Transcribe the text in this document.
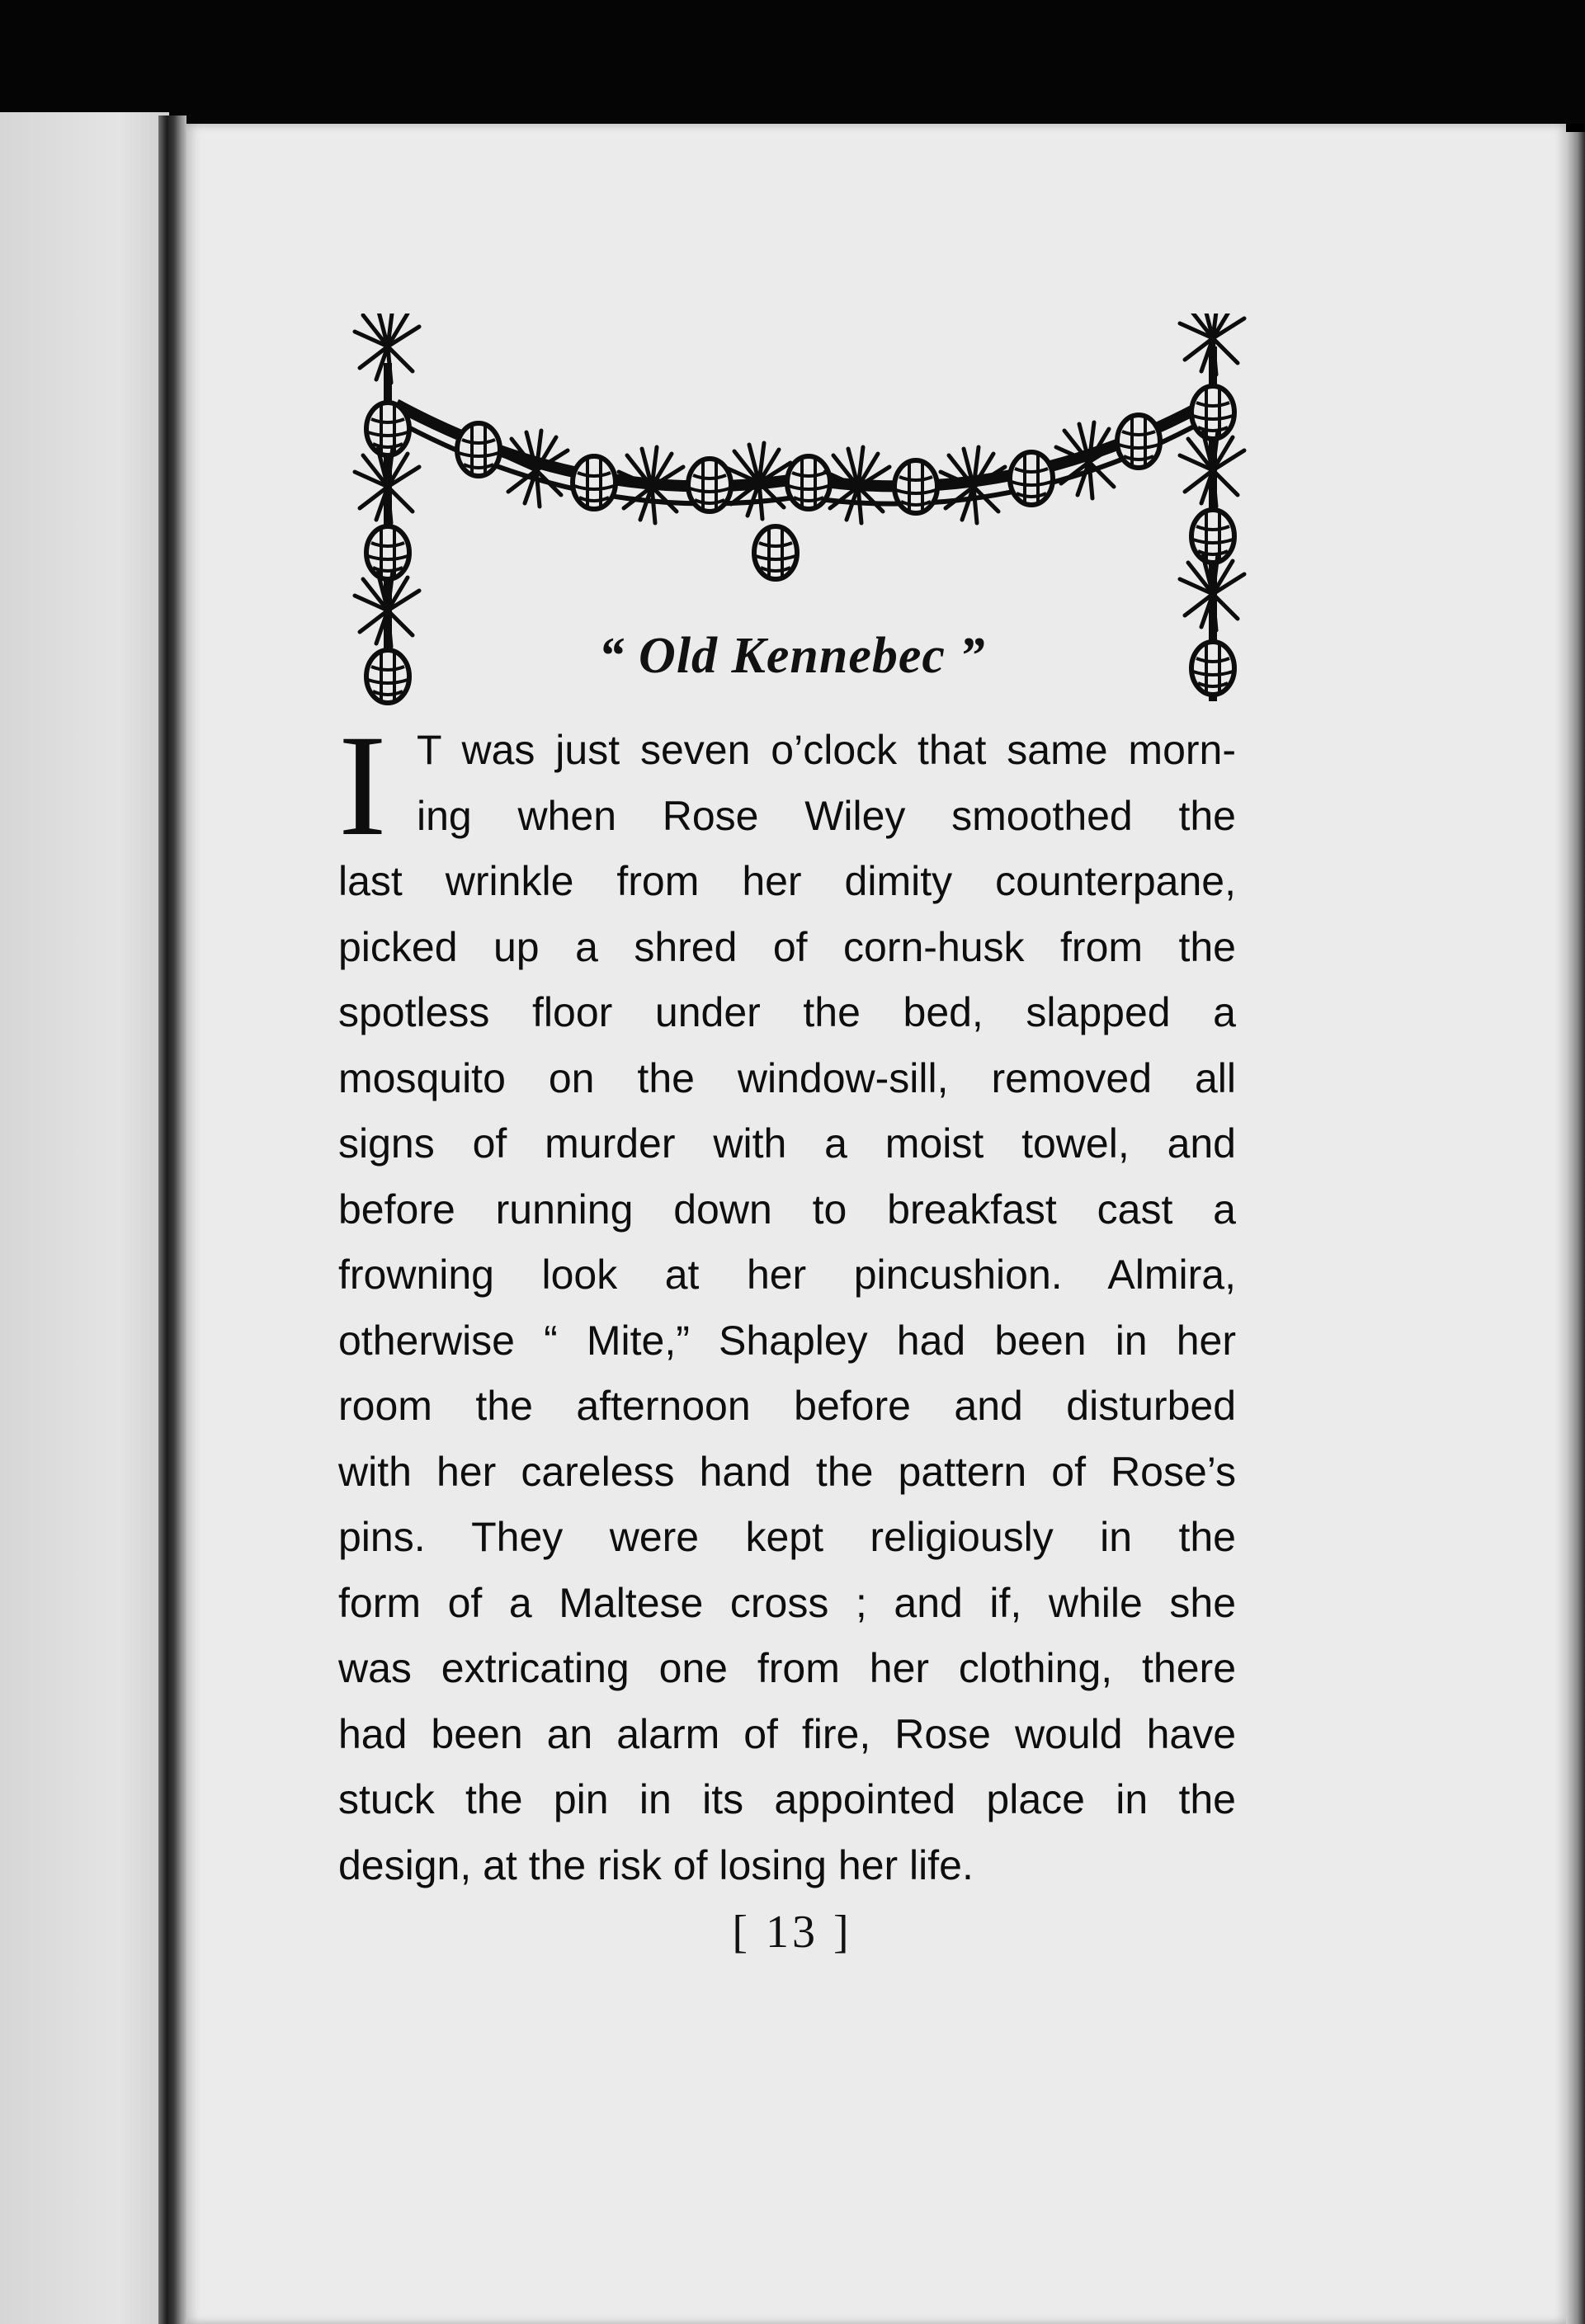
“ Old Kennebec ”
I T was just seven o’clock that same morn-
ing when Rose Wiley smoothed the
last wrinkle from her dimity counterpane,
picked up a shred of corn-husk from the
spotless floor under the bed, slapped a
mosquito on the window-sill, removed all
signs of murder with a moist towel, and
before running down to breakfast cast a
frowning look at her pincushion. Almira,
otherwise “ Mite,” Shapley had been in her
room the afternoon before and disturbed
with her careless hand the pattern of Rose’s
pins. They were kept religiously in the
form of a Maltese cross ; and if, while she
was extricating one from her clothing, there
had been an alarm of fire, Rose would have
stuck the pin in its appointed place in the
design, at the risk of losing her life.

[ 13 ]
